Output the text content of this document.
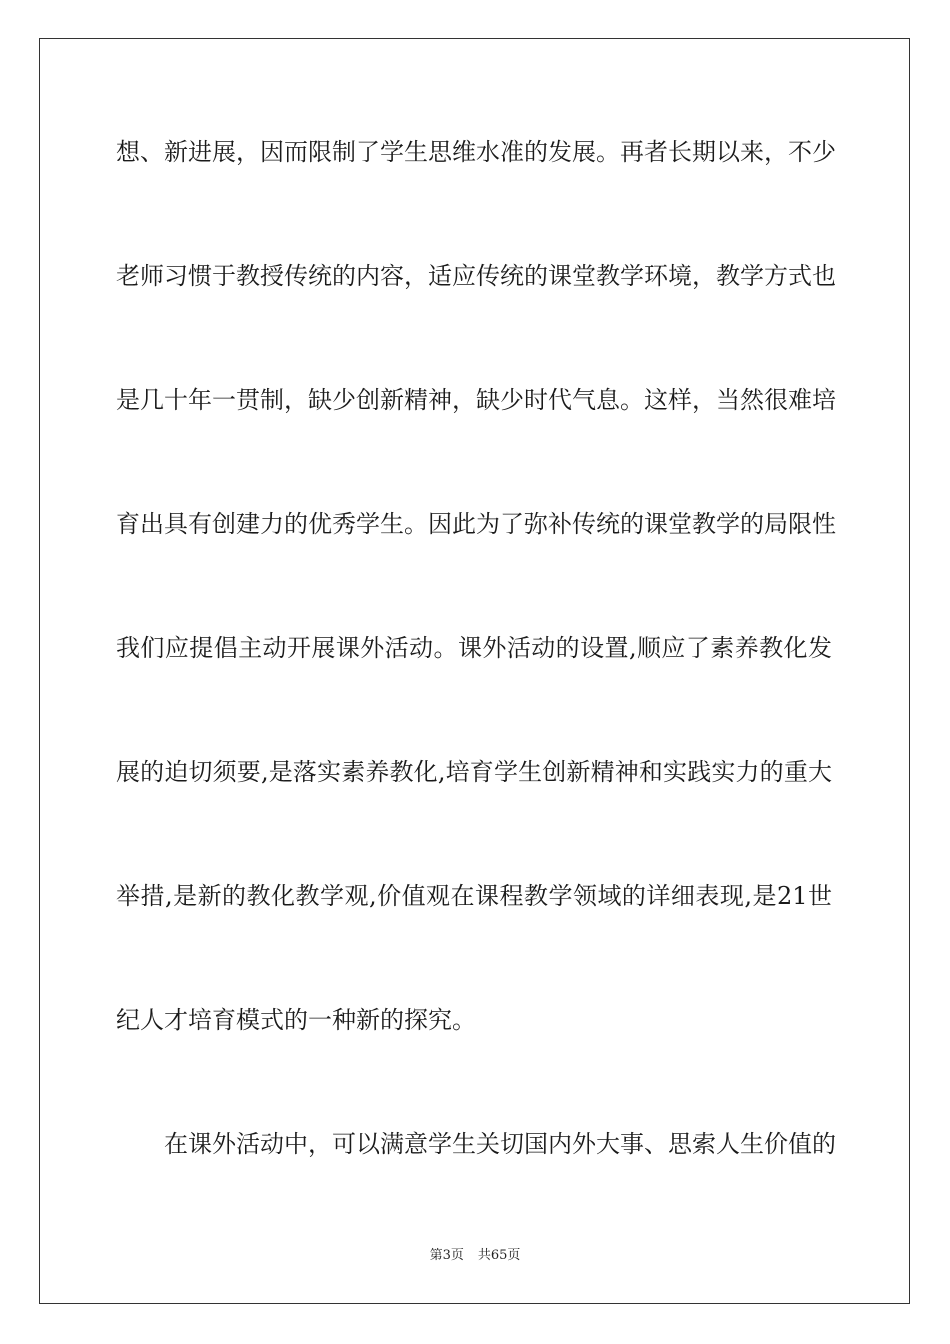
想、新进展，因而限制了学生思维水准的发展。再者长期以来，不少
老师习惯于教授传统的内容，适应传统的课堂教学环境，教学方式也
是几十年一贯制，缺少创新精神，缺少时代气息。这样，当然很难培
育出具有创建力的优秀学生。因此为了弥补传统的课堂教学的局限性
我们应提倡主动开展课外活动。课外活动的设置,顺应了素养教化发
展的迫切须要,是落实素养教化,培育学生创新精神和实践实力的重大
举措,是新的教化教学观,价值观在课程教学领域的详细表现,是21世
纪人才培育模式的一种新的探究。
在课外活动中，可以满意学生关切国内外大事、思索人生价值的
第3页 共65页
